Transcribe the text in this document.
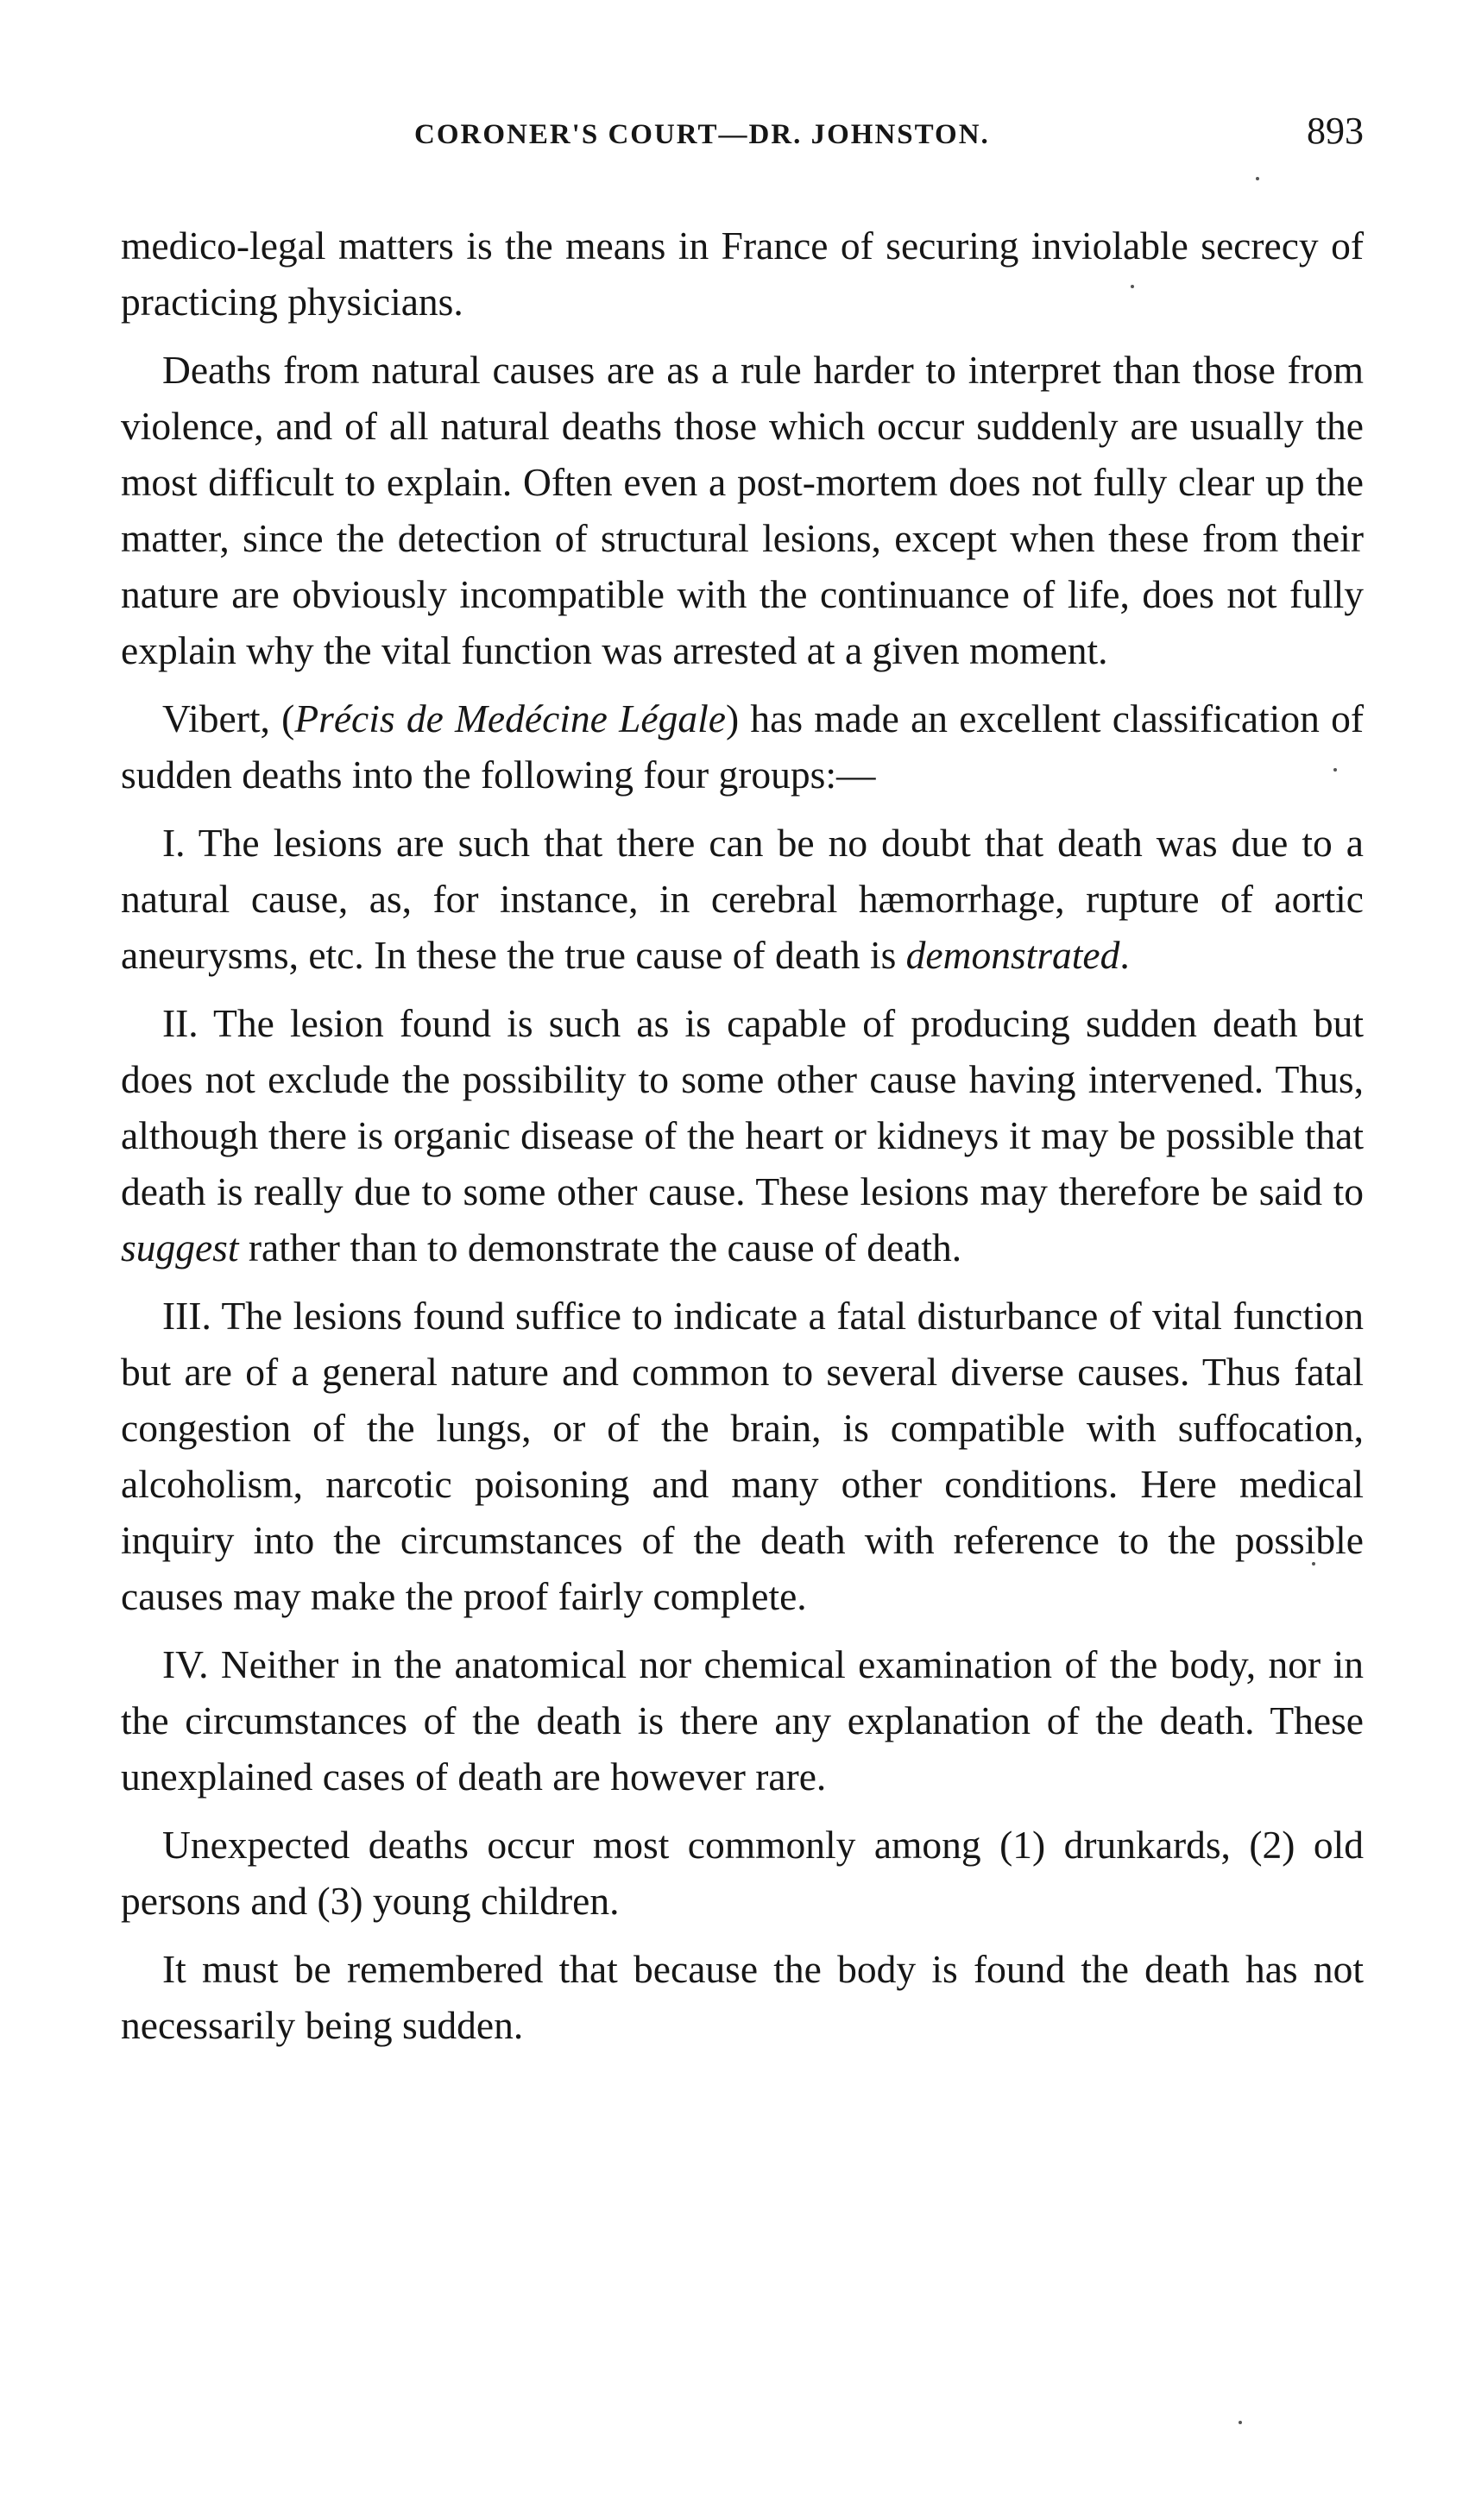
CORONER'S COURT—DR. JOHNSTON.	893

medico-legal matters is the means in France of securing inviolable secrecy of practicing physicians.

Deaths from natural causes are as a rule harder to interpret than those from violence, and of all natural deaths those which occur suddenly are usually the most difficult to explain. Often even a post-mortem does not fully clear up the matter, since the detection of structural lesions, except when these from their nature are obviously incompatible with the continuance of life, does not fully explain why the vital function was arrested at a given moment.

Vibert, (Précis de Medécine Légale) has made an excellent classification of sudden deaths into the following four groups:—

I. The lesions are such that there can be no doubt that death was due to a natural cause, as, for instance, in cerebral hæmorrhage, rupture of aortic aneurysms, etc. In these the true cause of death is demonstrated.

II. The lesion found is such as is capable of producing sudden death but does not exclude the possibility to some other cause having intervened. Thus, although there is organic disease of the heart or kidneys it may be possible that death is really due to some other cause. These lesions may therefore be said to suggest rather than to demonstrate the cause of death.

III. The lesions found suffice to indicate a fatal disturbance of vital function but are of a general nature and common to several diverse causes. Thus fatal congestion of the lungs, or of the brain, is compatible with suffocation, alcoholism, narcotic poisoning and many other conditions. Here medical inquiry into the circumstances of the death with reference to the possible causes may make the proof fairly complete.

IV. Neither in the anatomical nor chemical examination of the body, nor in the circumstances of the death is there any explanation of the death. These unexplained cases of death are however rare.

Unexpected deaths occur most commonly among (1) drunkards, (2) old persons and (3) young children.

It must be remembered that because the body is found the death has not necessarily being sudden.
